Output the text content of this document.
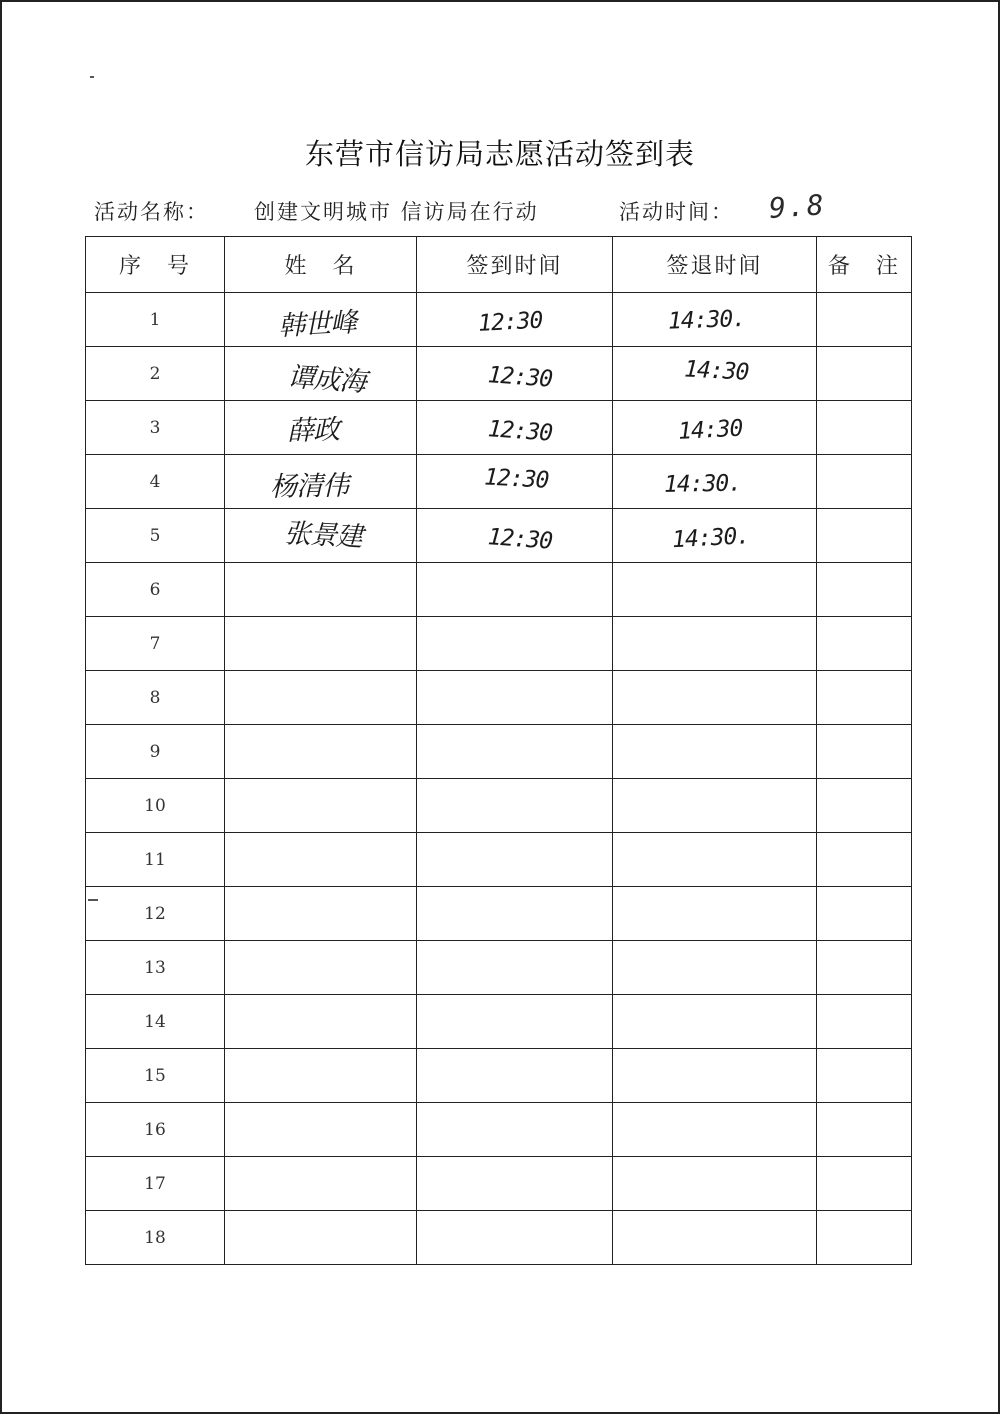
东营市信访局志愿活动签到表
活动名称： 创建文明城市 信访局在行动	活动时间： 9.8
序　号	姓　名	签到时间	签退时间	备　注
1	韩世峰	12:30	14:30.	
2	谭成海	12:30	14:30	
3	薛政	12:30	14:30	
4	杨清伟	12:30	14:30.	
5	张景建	12:30	14:30.	
6				
7				
8				
9				
10				
11				
12				
13				
14				
15				
16				
17				
18				
